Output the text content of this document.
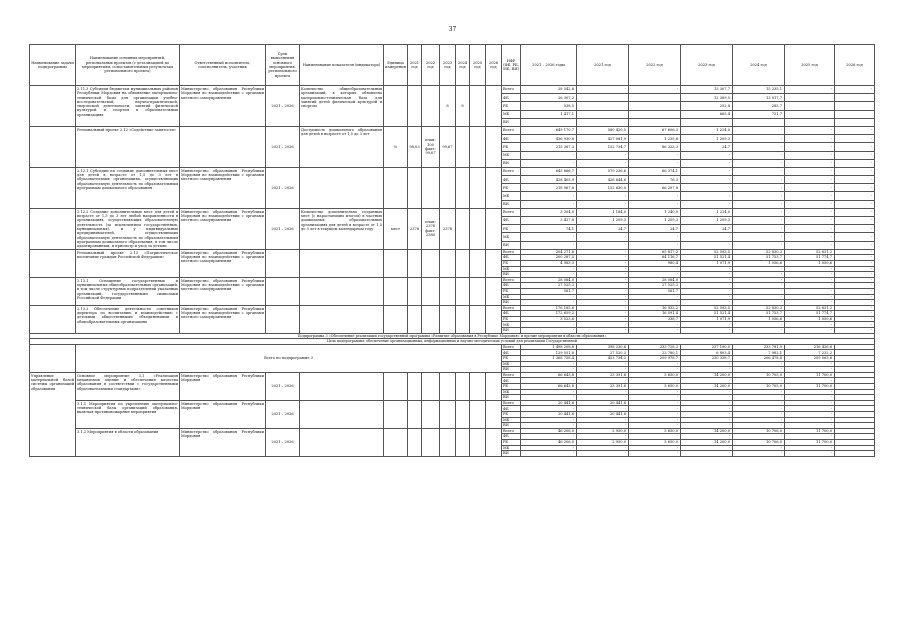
37
Наименование задачи подпрограммы	Наименование основных мероприятий, региональных проектов (с детализацией по мероприятиям, сопоставительным результатам регионального проекта)	Ответственный исполнитель, соисполнитель, участник	Срок выполнения основного мероприятия, регионального проекта	Наименование показателя (индикатора)	Единица измерения	2021 год	2022 год	2023 год	2024 год	2025 год	2026 год	ИФР (ФБ, РБ, МБ, ВИ)	2021 – 2026 годы	2021 год	2022 год	2023 год	2024 год	2025 год	2026 год
	2.11.3 Субсидии бюджетам муниципальных районов Республики Мордовия на обновление материально-технической базы для организации учебно-исследовательской, научно-практической, творческой деятельности, занятий физической культурой и спортом в образовательных организациях	Министерство образования Республики Мордовия во взаимодействии с органами местного самоуправления	2021 – 2026	Количество общеобразовательных организаций, в которых обновлена материально-техническая база для занятий детей физической культурой и спортом				8	8			Всего	28 542,6	-	-	13 307,7	15 235,1	-	-
												ФБ	26 307,2			12 389,5	13 917,7		
												РБ	538,5			252,8	285,7		
												МБ	1 417,1			665,4	751,7		
												ВИ							
	Региональный проект 2.12 «Содействие занятости»		2021 – 2026	Доступность дошкольного образования для детей в возрасте от 1,5 до 3 лет	%	98,03	план: 100 факт: 99,67	99,67				Всего	649 170,7	580 420,5	67 606,3	1 224,0	-	-	-
												ФБ	436 930,8	427 081,9	1 235,6	1 209,3	-	-	-
												РБ	215 367,3	152 734,7	86 323,3	24,7	-	-	-
												МБ	-	-	-	-	-	-	-
												ВИ	-	-	-	-	-	-	-
	2.12.1 Субсидии на создание дополнительных мест для детей в возрасте от 1,5 до 3 лет в образовательных организациях, осуществляющих образовательную деятельность по образовательным программам дошкольного образования	Министерство образования Республики Мордовия во взаимодействии с органами местного самоуправления	2021 – 2026									Всего	645 866,7	579 236,6	66 374,1	-	-	-	-
												ФБ	428 405,9	426 644,6	76,3	-	-	-	-
												РБ	218 967,8	152 630,0	66 297,8	-	-	-	-
												МБ	-	-	-	-	-	-	-
												ВИ	-	-	-	-	-	-	-
	2.12.2 Создание дополнительных мест для детей в возрасте от 1,5 до 3 лет любой направленности в организациях, осуществляющих образовательную деятельность (за исключением государственных, муниципальных), и у индивидуальных предпринимателей, осуществляющих образовательную деятельность по образовательным программам дошкольного образования, в том числе адаптированным, и присмотр и уход за детьми	Министерство образования Республики Мордовия во взаимодействии с органами местного самоуправления	2021 – 2026	Количество дополнительно созданных мест (с нарастающим итогом) в частных дошкольных образовательных организациях для детей в возрасте от 1,5 до 3 лет в текущем календарном году	мест	2378	план: 2378 факт: 2380	2378				Всего	3 304,0	1 184,0	1 240,0	1 224,0	-	-	-
												ФБ	3 427,8	1 209,3	1 209,3	1 209,3	-	-	-
												РБ	74,1	24,7	24,7	24,7	-	-	-
												МБ	-	-	-	-	-	-	-
												ВИ	-	-	-	-	-	-	-
	Региональный проект 2.13 «Патриотическое воспитание граждан Российской Федерации»	Министерство образования Республики Мордовия во взаимодействии с органами местного самоуправления										Всего	204 271,8	-	65 817,2	52 593,5	52 830,3	52 831,2	-
												ФБ	200 287,5	-	64 116,7	51 521,4	51 753,7	51 774,7	-
												РБ	4 983,3	-	980,4	1 071,9	1 056,6	1 050,6	-
												МБ	-	-	-	-	-	-	-
												ВИ	-	-	-	-	-	-	-
	2.13.1 Оснащение государственных и муниципальных общеобразовательных организаций, в том числе структурных подразделений указанных организаций, государственными символами Российской Федерации	Министерство образования Республики Мордовия во взаимодействии с органами местного самоуправления										Всего	28 084,0	-	28 084,0	-	-	-	-
												ФБ	27 525,3	-	27 525,3	-	-	-	-
												РБ	561,7	-	561,7	-	-	-	-
												МБ	-	-	-	-	-	-	-
												ВИ	-	-	-	-	-	-	-
	2.13.2 Обеспечение деятельности советников директора по воспитанию и взаимодействию с детскими общественными объединениями в общеобразовательных организациях	Министерство образования Республики Мордовия во взаимодействии с органами местного самоуправления										Всего	176 185,6	-	16 933,2	52 593,5	52 830,3	52 831,2	-
												ФБ	172 659,2	-	16 591,4	51 521,4	51 753,7	51 774,7	-
												РБ	3 523,6	-	338,7	1 071,9	1 056,6	1 050,6	-
												МБ	-	-	-	-	-	-	-
												ВИ	-	-	-	-	-	-	-
Подпрограмма 3 «Обеспечение реализации государственной программы «Развитие образования в Республике Мордовия» и прочие мероприятия в области образования»																			
Цель подпрограммы: обеспечение организационных, информационных и научно-методических условий для реализации Государственной																			
	Всего по подпрограмме 3											Всего	1 498 208,8	398 230,6	233 728,3	237 190,0	233 781,9	216 426,6	
												ФБ	129 551,8	27 520,3	23 780,1	6 803,4	7 982,1	7 232,2	
												РБ	1 368 758,4	453 734,3	209 978,7	230 328,7	206 478,8	209 063,6	
												МБ	-	-	-	-	-	-	
												ВИ	-	-	-	-	-	-	
Управление материальной базой системы организаций образования	Основное мероприятие 3.1 «Реализация механизмов оценки и обеспечения качества образования в соответствии с государственными образовательными стандартами»	Министерство образования Республики Мордовия	2021 – 2026									Всего	66 643,8	23 391,6	5 650,0	14 200,0	10 705,0	11 700,0	
												ФБ	-	-	-	-	-	-	
												РБ	66 643,8	23 391,6	5 650,0	14 200,0	10 705,0	11 700,0	
												МБ	-	-	-	-	-	-	
												ВИ	-	-	-	-	-	-	
	3.1.1 Мероприятия по укреплению материально-технической базы организаций образования, включая противопожарные мероприятия	Министерство образования Республики Мордовия	2021 – 2026									Всего	20 441,6	20 441,6	-	-	-	-	
												ФБ	-	-	-	-	-	-	
												РБ	20 441,6	20 441,6	-	-	-	-	
												МБ	-	-	-	-	-	-	
												ВИ	-	-	-	-	-	-	
	3.1.2 Мероприятия в области образования	Министерство образования Республики Мордовия	2021 – 2026									Всего	46 206,0	2 950,0	5 650,0	14 200,0	10 706,0	11 700,0	
												ФБ	-	-	-	-	-	-	
												РБ	46 206,0	2 950,0	5 650,0	14 200,0	10 706,0	11 700,0	
												МБ	-	-	-	-	-	-	
												ВИ	-	-	-	-	-	-	
